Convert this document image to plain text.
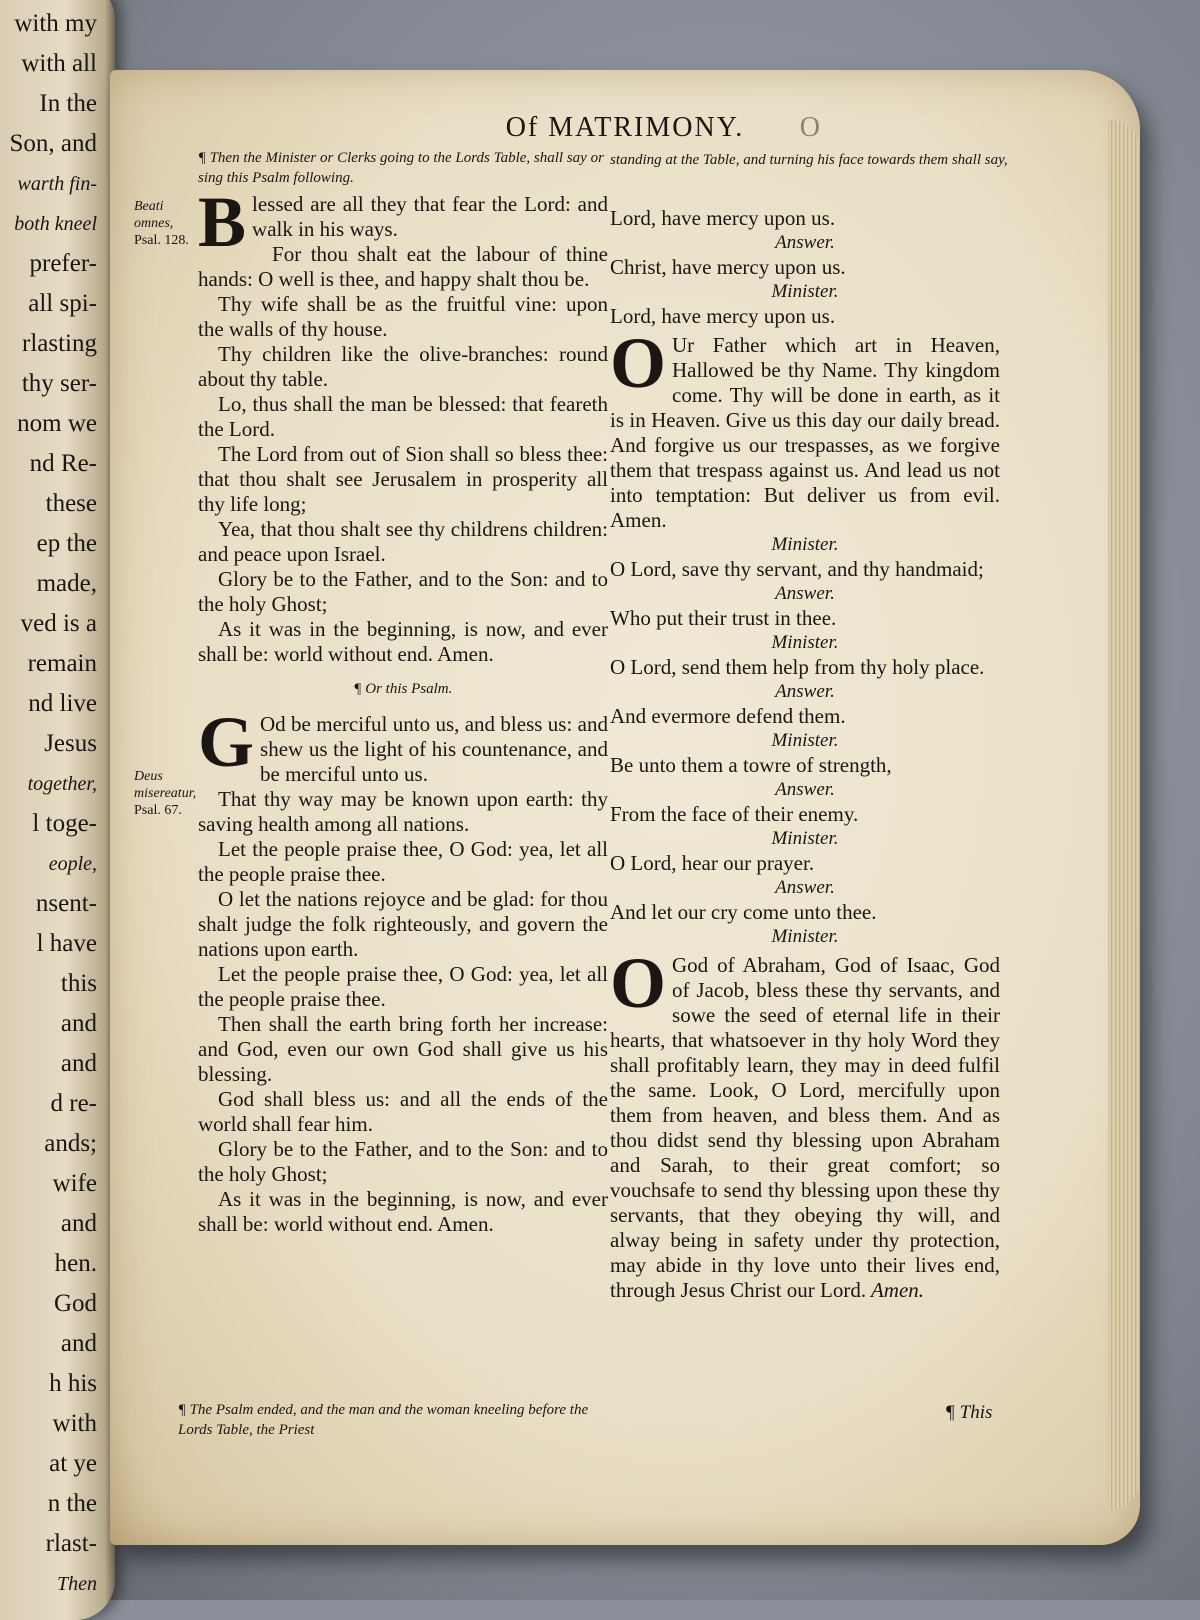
with my
with all
In the
Son, and
warth fin-
both kneel
prefer-
all spi-
rlasting
thy ser-
nom we
nd Re-
these
ep the
made,
ved is a
remain
nd live
Jesus
together,
l toge-
eople,
nsent-
l have
this
and
and
d re-
ands;
wife
and
hen.
God
and
h his
with
at ye
n the
rlast-
Then
Of MATRIMONY. O
¶ Then the Minister or Clerks going to the Lords Table, shall say or sing this Psalm following.
Beati omnes,
Psal. 128. Blessed are all they that fear the Lord: and walk in his ways.

For thou shalt eat the labour of thine hands: O well is thee, and happy shalt thou be.

Thy wife shall be as the fruitful vine: upon the walls of thy house.

Thy children like the olive-branches: round about thy table.

Lo, thus shall the man be blessed: that feareth the Lord.

The Lord from out of Sion shall so bless thee: that thou shalt see Jerusalem in prosperity all thy life long;

Yea, that thou shalt see thy childrens children: and peace upon Israel.

Glory be to the Father, and to the Son: and to the holy Ghost;

As it was in the beginning, is now, and ever shall be: world without end. Amen.

¶ Or this Psalm.

G Od be merciful unto us, and bless us: and shew us the light of his countenance, and be merciful unto us.

That thy way may be known upon earth: thy saving health among all nations.

Let the people praise thee, O God: yea, let all the people praise thee.

O let the nations rejoyce and be glad: for thou shalt judge the folk righteously, and govern the nations upon earth.

Let the people praise thee, O God: yea, let all the people praise thee.

Then shall the earth bring forth her increase: and God, even our own God shall give us his blessing.

God shall bless us: and all the ends of the world shall fear him.

Glory be to the Father, and to the Son: and to the holy Ghost;

As it was in the beginning, is now, and ever shall be: world without end. Amen.

Deus misereatur,
Psal. 67.
¶ The Psalm ended, and the man and the woman kneeling before the Lords Table, the Priest
standing at the Table, and turning his face towards them shall say,

Lord, have mercy upon us.

Answer.

Christ, have mercy upon us.

Minister.

Lord, have mercy upon us.

O Ur Father which art in Heaven, Hallowed be thy Name. Thy kingdom come. Thy will be done in earth, as it is in Heaven. Give us this day our daily bread. And forgive us our trespasses, as we forgive them that trespass against us. And lead us not into temptation: But deliver us from evil. Amen.

Minister.

O Lord, save thy servant, and thy handmaid;

Answer.

Who put their trust in thee.

Minister.

O Lord, send them help from thy holy place.

Answer.

And evermore defend them.

Minister.

Be unto them a towre of strength,

Answer.

From the face of their enemy.

Minister.

O Lord, hear our prayer.

Answer.

And let our cry come unto thee.

Minister.

O God of Abraham, God of Isaac, God of Jacob, bless these thy servants, and sowe the seed of eternal life in their hearts, that whatsoever in thy holy Word they shall profitably learn, they may in deed fulfil the same. Look, O Lord, mercifully upon them from heaven, and bless them. And as thou didst send thy blessing upon Abraham and Sarah, to their great comfort; so vouchsafe to send thy blessing upon these thy servants, that they obeying thy will, and alway being in safety under thy protection, may abide in thy love unto their lives end, through Jesus Christ our Lord. Amen.

¶ This
